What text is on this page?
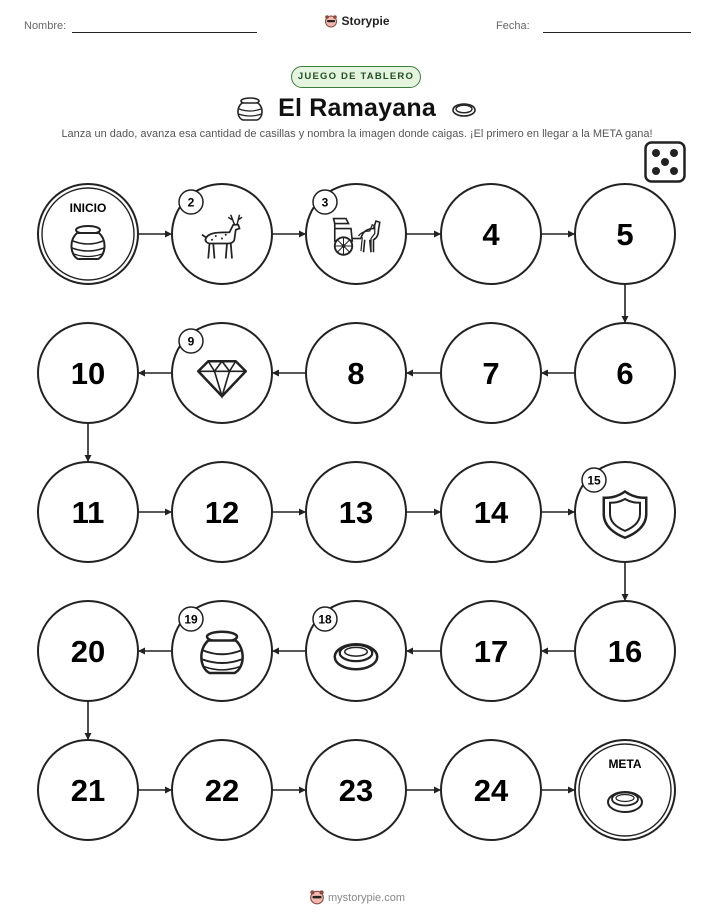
Nombre:	Storypie	Fecha:
JUEGO DE TABLERO
El Ramayana
Lanza un dado, avanza esa cantidad de casillas y nombra la imagen donde caigas. ¡El primero en llegar a la META gana!
INICIO	2	3
4	5
6
7
8
9
10
11	12	13	14
15
16
17
18
19
20
21	22	23	24
META
mystorypie.com
